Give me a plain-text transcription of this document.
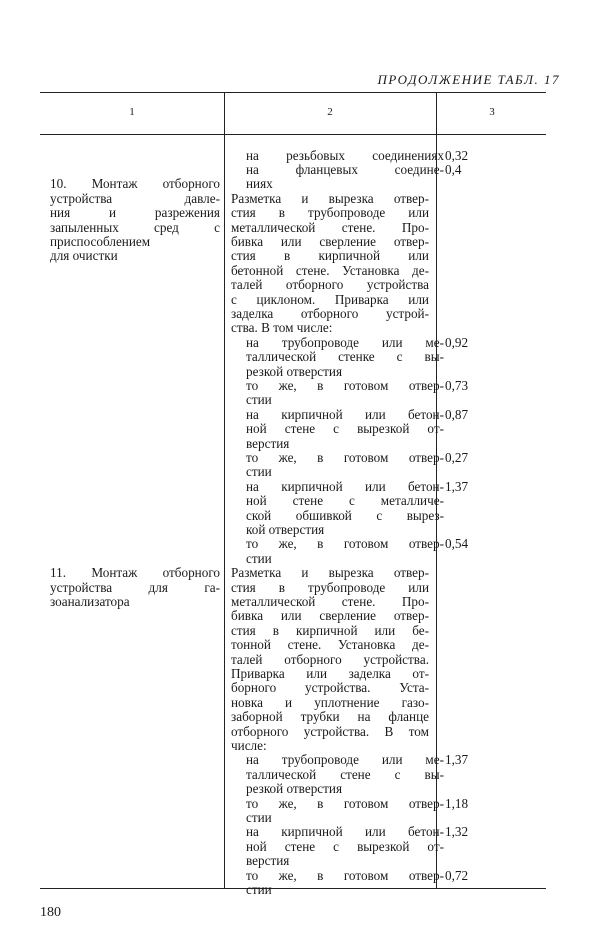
ПРОДОЛЖЕНИЕ ТАБЛ. 17
1	2	3
10. Монтаж отборного
устройства давле-
ния и разрежения
запыленных сред с
приспособлением
для очистки
11. Монтаж отборного
устройства для га-
зоанализатора
на резьбовых соединениях
на фланцевых соедине-
ниях
Разметка и вырезка отвер-
стия в трубопроводе или
металлической стене. Про-
бивка или сверление отвер-
стия в кирпичной или
бетонной стене. Установка де-
талей отборного устройства
с циклоном. Приварка или
заделка отборного устрой-
ства. В том числе:
на трубопроводе или ме-
таллической стенке с вы-
резкой отверстия
то же, в готовом отвер-
стии
на кирпичной или бетон-
ной стене с вырезкой от-
верстия
то же, в готовом отвер-
стии
на кирпичной или бетон-
ной стене с металличе-
ской обшивкой с вырез-
кой отверстия
то же, в готовом отвер-
стии
Разметка и вырезка отвер-
стия в трубопроводе или
металлической стене. Про-
бивка или сверление отвер-
стия в кирпичной или бе-
тонной стене. Установка де-
талей отборного устройства.
Приварка или заделка от-
борного устройства. Уста-
новка и уплотнение газо-
заборной трубки на фланце
отборного устройства. В том
числе:
на трубопроводе или ме-
таллической стене с вы-
резкой отверстия
то же, в готовом отвер-
стии
на кирпичной или бетон-
ной стене с вырезкой от-
верстия
то же, в готовом отвер-
стии
0,32
0,4
0,92
0,73
0,87
0,27
1,37
0,54
1,37
1,18
1,32
0,72
180
